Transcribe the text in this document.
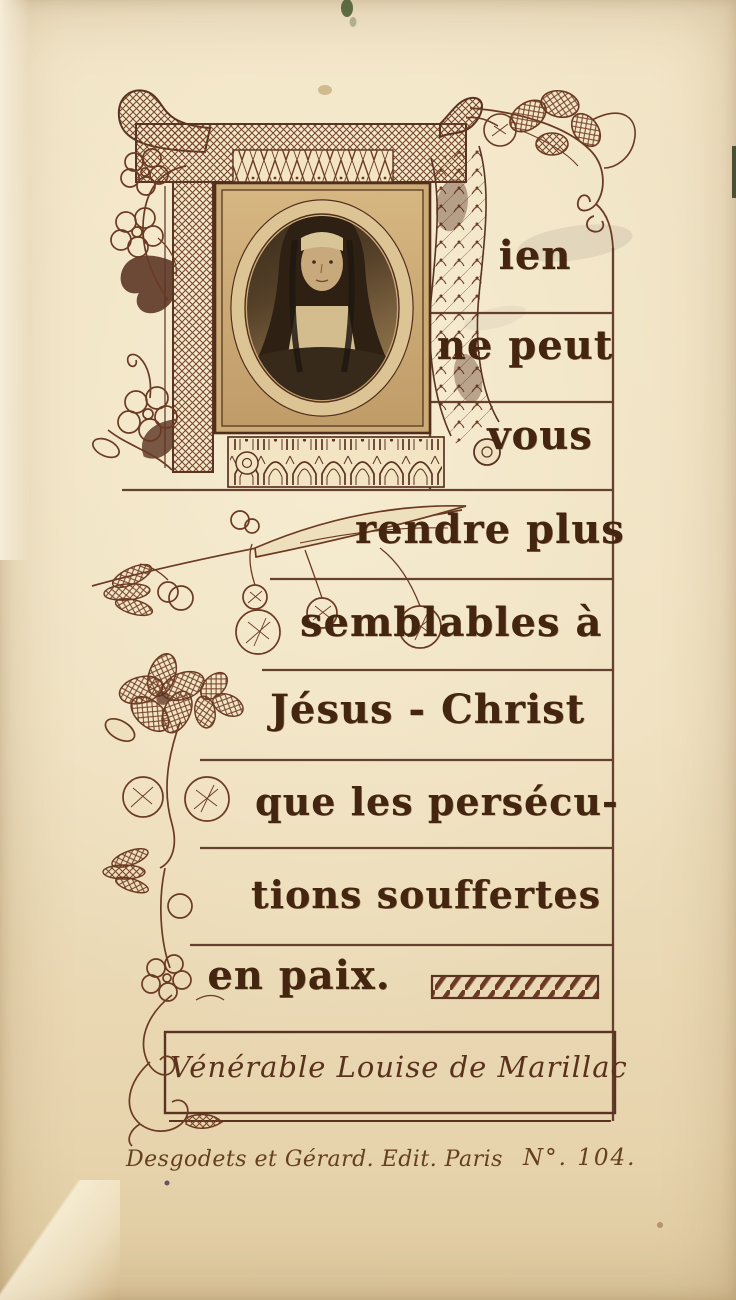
ien
ne peut
vous
rendre plus
semblables à
Jésus - Christ
que les persécu-
tions souffertes
en paix.
Vénérable Louise de Marillac
Desgodets et Gérard. Edit. Paris N°. 104.
